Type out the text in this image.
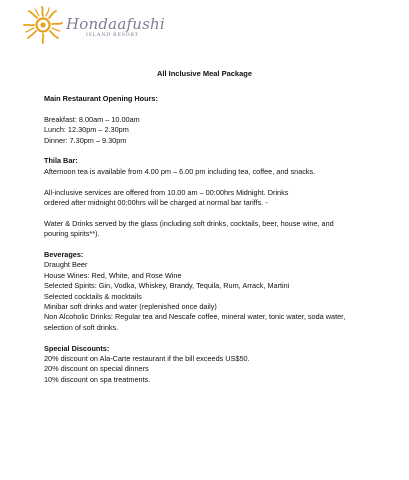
Hondaafushi
ISLAND RESORT
All Inclusive Meal Package
Main Restaurant Opening Hours:
Breakfast: 8.00am – 10.00am
Lunch: 12.30pm – 2.30pm
Dinner: 7.30pm – 9.30pm
Thila Bar:
Afternoon tea is available from 4.00 pm – 6.00 pm including tea, coffee, and snacks.
All-inclusive services are offered from 10.00 am – 00:00hrs Midnight. Drinks
ordered after midnight 00:00hrs will be charged at normal bar tariffs. -
Water & Drinks served by the glass (including soft drinks, cocktails, beer, house wine, and
pouring spirits**).
Beverages:
Draught Beer
House Wines: Red, White, and Rose Wine
Selected Spirits: Gin, Vodka, Whiskey, Brandy, Tequila, Rum, Arrack, Martini
Selected cocktails & mocktails
Minibar soft drinks and water (replenished once daily)
Non Alcoholic Drinks: Regular tea and Nescafe coffee, mineral water, tonic water, soda water,
selection of soft drinks.
Special Discounts:
20% discount on Ala-Carte restaurant if the bill exceeds US$50.
20% discount on special dinners
10% discount on spa treatments.
